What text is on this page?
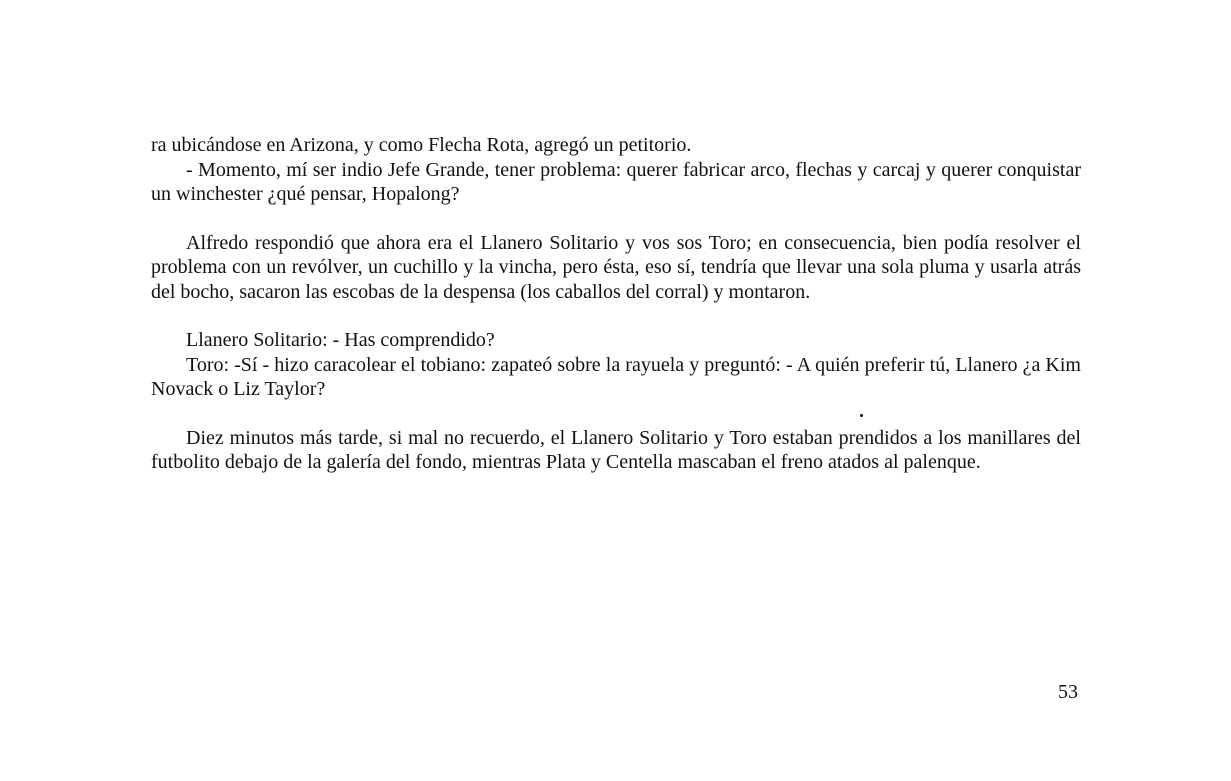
ra ubicándose en Arizona, y como Flecha Rota, agregó un petitorio.

- Momento, mí ser indio Jefe Grande, tener problema: querer fabricar arco, flechas y carcaj y querer conquistar un winchester ¿qué pensar, Hopalong?

Alfredo respondió que ahora era el Llanero Solitario y vos sos Toro; en consecuencia, bien podía resolver el problema con un revólver, un cuchillo y la vincha, pero ésta, eso sí, tendría que llevar una sola pluma y usarla atrás del bocho, sacaron las escobas de la despensa (los caballos del corral) y montaron.

Llanero Solitario: - Has comprendido?

Toro: -Sí - hizo caracolear el tobiano: zapateó sobre la rayuela y preguntó: - A quién preferir tú, Llanero ¿a Kim Novack o Liz Taylor?

Diez minutos más tarde, si mal no recuerdo, el Llanero Solitario y Toro estaban prendidos a los manillares del futbolito debajo de la galería del fondo, mientras Plata y Centella mascaban el freno atados al palenque.

53
